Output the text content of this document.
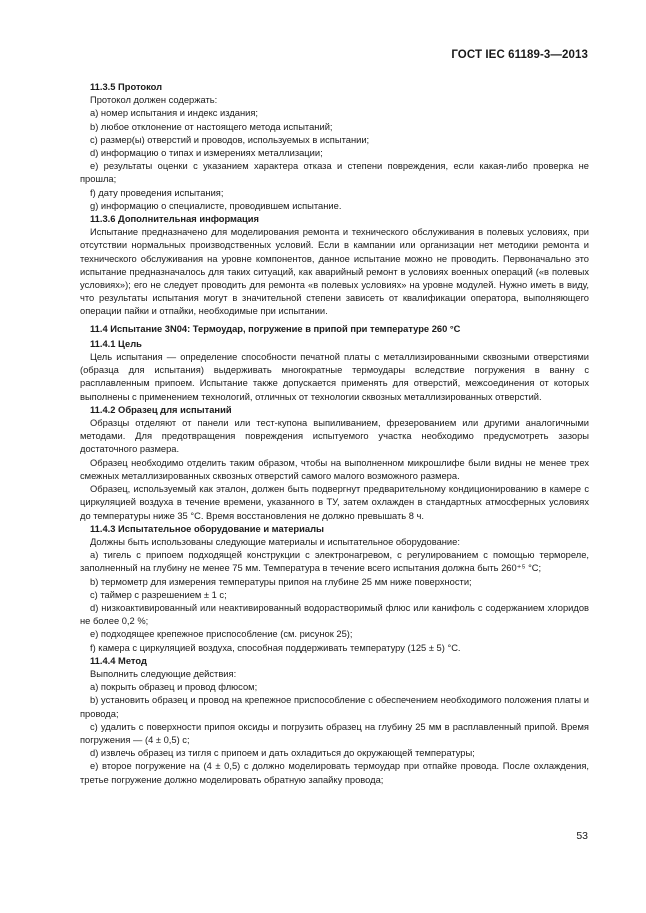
ГОСТ IEC 61189-3—2013

11.3.5 Протокол

Протокол должен содержать:

а) номер испытания и индекс издания;

b) любое отклонение от настоящего метода испытаний;

с) размер(ы) отверстий и проводов, используемых в испытании;

d) информацию о типах и измерениях металлизации;

е) результаты оценки с указанием характера отказа и степени повреждения, если какая-либо проверка не прошла;

f) дату проведения испытания;

g) информацию о специалисте, проводившем испытание.

11.3.6 Дополнительная информация

Испытание предназначено для моделирования ремонта и технического обслуживания в полевых условиях, при отсутствии нормальных производственных условий. Если в кампании или организации нет методики ремонта и технического обслуживания на уровне компонентов, данное испытание можно не проводить. Первоначально это испытание предназначалось для таких ситуаций, как аварийный ремонт в условиях военных операций («в полевых условиях»); его не следует проводить для ремонта «в полевых условиях» на уровне модулей. Нужно иметь в виду, что результаты испытания могут в значительной степени зависеть от квалификации оператора, выполняющего операции пайки и отпайки, необходимые при испытании.

11.4 Испытание 3N04: Термоудар, погружение в припой при температуре 260 °С

11.4.1 Цель

Цель испытания — определение способности печатной платы с металлизированными сквозными отверстиями (образца для испытания) выдерживать многократные термоудары вследствие погружения в ванну с расплавленным припоем. Испытание также допускается применять для отверстий, межсоединения от которых выполнены с применением технологий, отличных от технологии сквозных металлизированных отверстий.

11.4.2 Образец для испытаний

Образцы отделяют от панели или тест-купона выпиливанием, фрезерованием или другими аналогичными методами. Для предотвращения повреждения испытуемого участка необходимо предусмотреть зазоры достаточного размера.

Образец необходимо отделить таким образом, чтобы на выполненном микрошлифе были видны не менее трех смежных металлизированных сквозных отверстий самого малого возможного размера.

Образец, используемый как эталон, должен быть подвергнут предварительному кондиционированию в камере с циркуляцией воздуха в течение времени, указанного в ТУ, затем охлажден в стандартных атмосферных условиях до температуры ниже 35 °С. Время восстановления не должно превышать 8 ч.

11.4.3 Испытательное оборудование и материалы

Должны быть использованы следующие материалы и испытательное оборудование:

а) тигель с припоем подходящей конструкции с электронагревом, с регулированием с помощью термореле, заполненный на глубину не менее 75 мм. Температура в течение всего испытания должна быть 260⁺⁵ °С;

b) термометр для измерения температуры припоя на глубине 25 мм ниже поверхности;

с) таймер с разрешением ± 1 с;

d) низкоактивированный или неактивированный водорастворимый флюс или канифоль с содержанием хлоридов не более 0,2 %;

е) подходящее крепежное приспособление (см. рисунок 25);

f) камера с циркуляцией воздуха, способная поддерживать температуру (125 ± 5) °С.

11.4.4 Метод

Выполнить следующие действия:

а) покрыть образец и провод флюсом;

b) установить образец и провод на крепежное приспособление с обеспечением необходимого положения платы и провода;

с) удалить с поверхности припоя оксиды и погрузить образец на глубину 25 мм в расплавленный припой. Время погружения — (4 ± 0,5) с;

d) извлечь образец из тигля с припоем и дать охладиться до окружающей температуры;

е) второе погружение на (4 ± 0,5) с должно моделировать термоудар при отпайке провода. После охлаждения, третье погружение должно моделировать обратную запайку провода;

53
